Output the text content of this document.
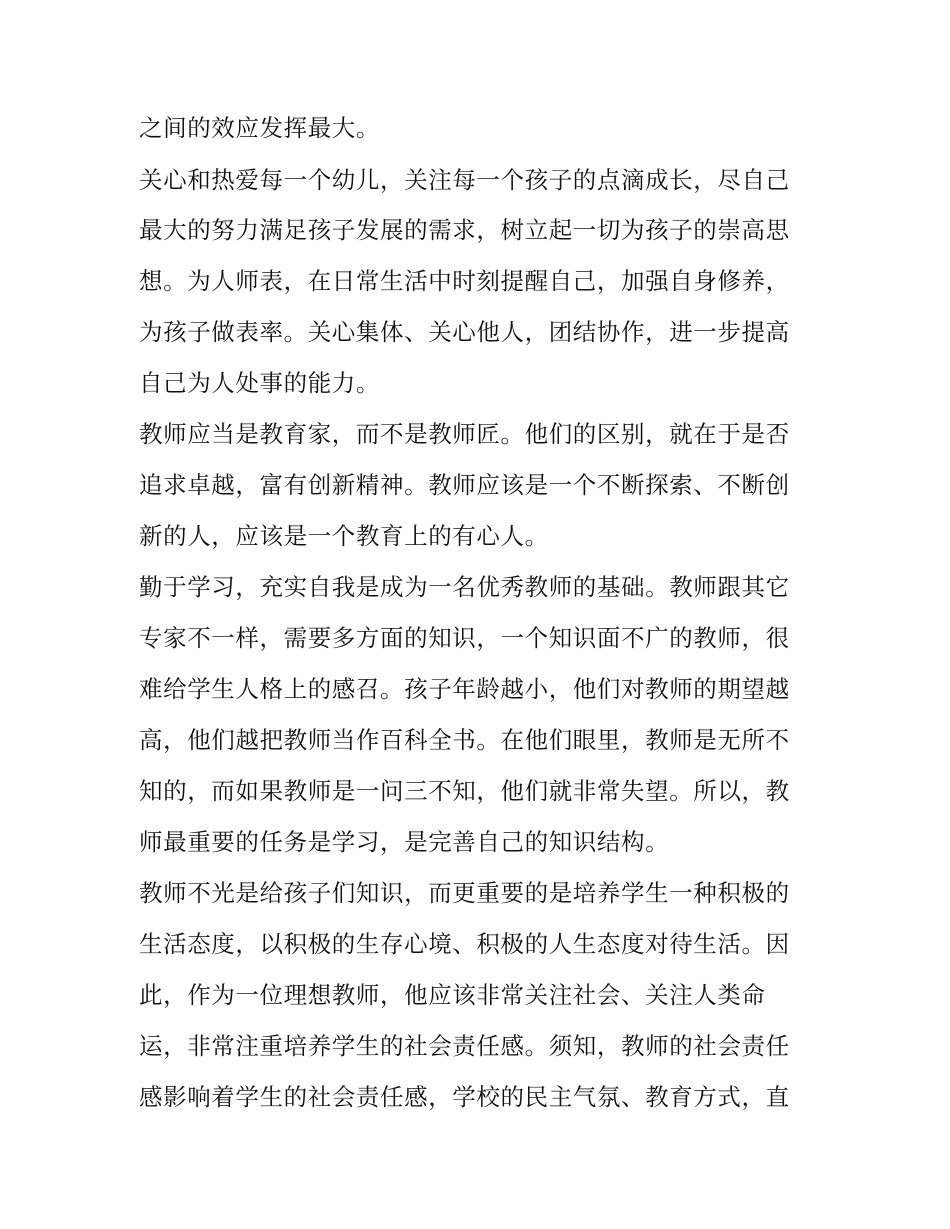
之间的效应发挥最大。
关心和热爱每一个幼儿，关注每一个孩子的点滴成长，尽自己
最大的努力满足孩子发展的需求，树立起一切为孩子的崇高思
想。为人师表，在日常生活中时刻提醒自己，加强自身修养，
为孩子做表率。关心集体、关心他人，团结协作，进一步提高
自己为人处事的能力。
教师应当是教育家，而不是教师匠。他们的区别，就在于是否
追求卓越，富有创新精神。教师应该是一个不断探索、不断创
新的人，应该是一个教育上的有心人。
勤于学习，充实自我是成为一名优秀教师的基础。教师跟其它
专家不一样，需要多方面的知识，一个知识面不广的教师，很
难给学生人格上的感召。孩子年龄越小，他们对教师的期望越
高，他们越把教师当作百科全书。在他们眼里，教师是无所不
知的，而如果教师是一问三不知，他们就非常失望。所以，教
师最重要的任务是学习，是完善自己的知识结构。
教师不光是给孩子们知识，而更重要的是培养学生一种积极的
生活态度，以积极的生存心境、积极的人生态度对待生活。因
此，作为一位理想教师，他应该非常关注社会、关注人类命
运，非常注重培养学生的社会责任感。须知，教师的社会责任
感影响着学生的社会责任感，学校的民主气氛、教育方式，直
